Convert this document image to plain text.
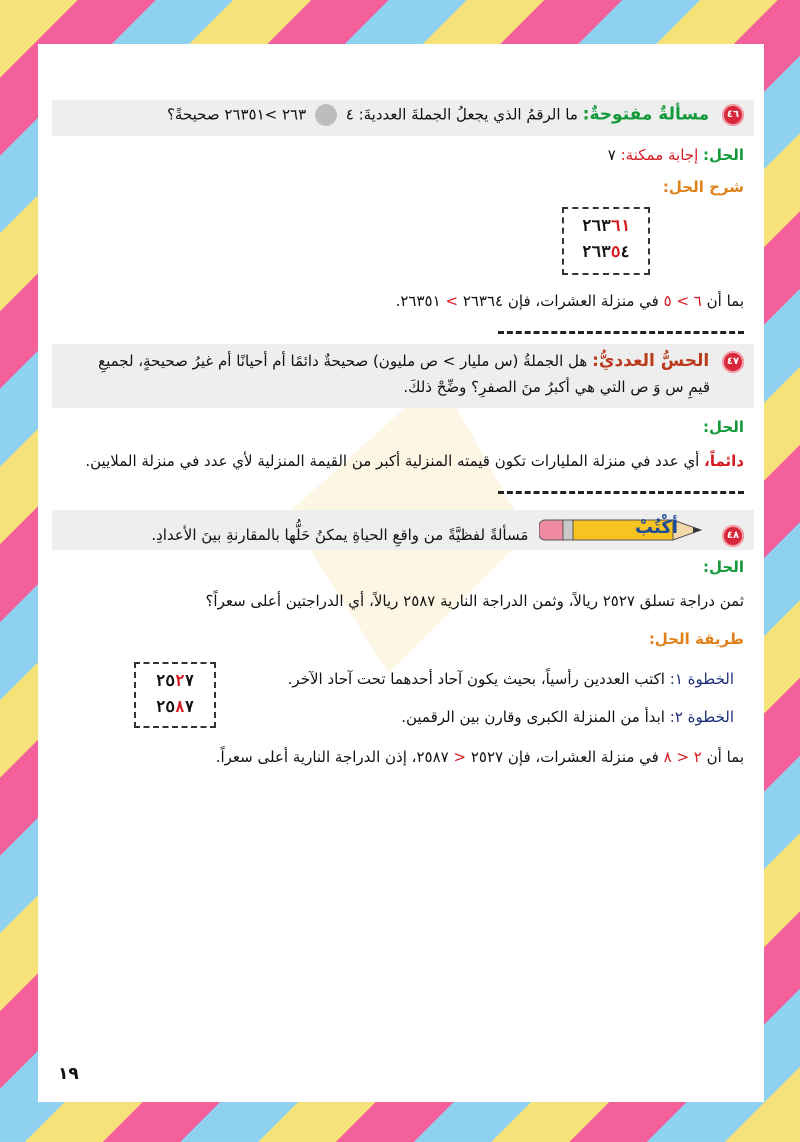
٤٦ مسألةٌ مفتوحةٌ: ما الرقمُ الذي يجعلُ الجملةَ العدديةَ: ٤  ٢٦٣ >٢٦٣٥١ صحيحةً؟
الحل: إجابة ممكنة: ٧
شرح الحل:
٢٦٣٦١
٢٦٣٥٤
بما أن ٦ > ٥ في منزلة العشرات، فإن ٢٦٣٦٤ > ٢٦٣٥١.
٤٧ الحسُّ العدديُّ: هل الجملةُ (س مليار > ص مليون) صحيحةٌ دائمًا أم أحيانًا أم غيرُ صحيحةٍ، لجميعِ
قيمِ س وَ ص التي هي أكبرُ منَ الصفرِ؟ وضِّحْ ذلكَ.
الحل:
دائماً، أي عدد في منزلة المليارات تكون قيمته المنزلية أكبر من القيمة المنزلية لأي عدد في منزلة الملايين.
٤٨
أكْتُبْ
مَسألةً لفظيَّةً من واقعِ الحياةِ يمكنُ حَلُّها بالمقارنةِ بينَ الأعدادِ.
الحل:
ثمن دراجة تسلق ٢٥٢٧ ريالاً، وثمن الدراجة النارية ٢٥٨٧ ريالاً، أي الدراجتين أعلى سعراً؟
طريقة الحل:
الخطوة ١: اكتب العددين رأسياً، بحيث يكون آحاد أحدهما تحت آحاد الآخر.
الخطوة ٢: ابدأ من المنزلة الكبرى وقارن بين الرقمين.
٢٥٢٧
٢٥٨٧
بما أن ٢ < ٨ في منزلة العشرات، فإن ٢٥٢٧ < ٢٥٨٧، إذن الدراجة النارية أعلى سعراً.
١٩
